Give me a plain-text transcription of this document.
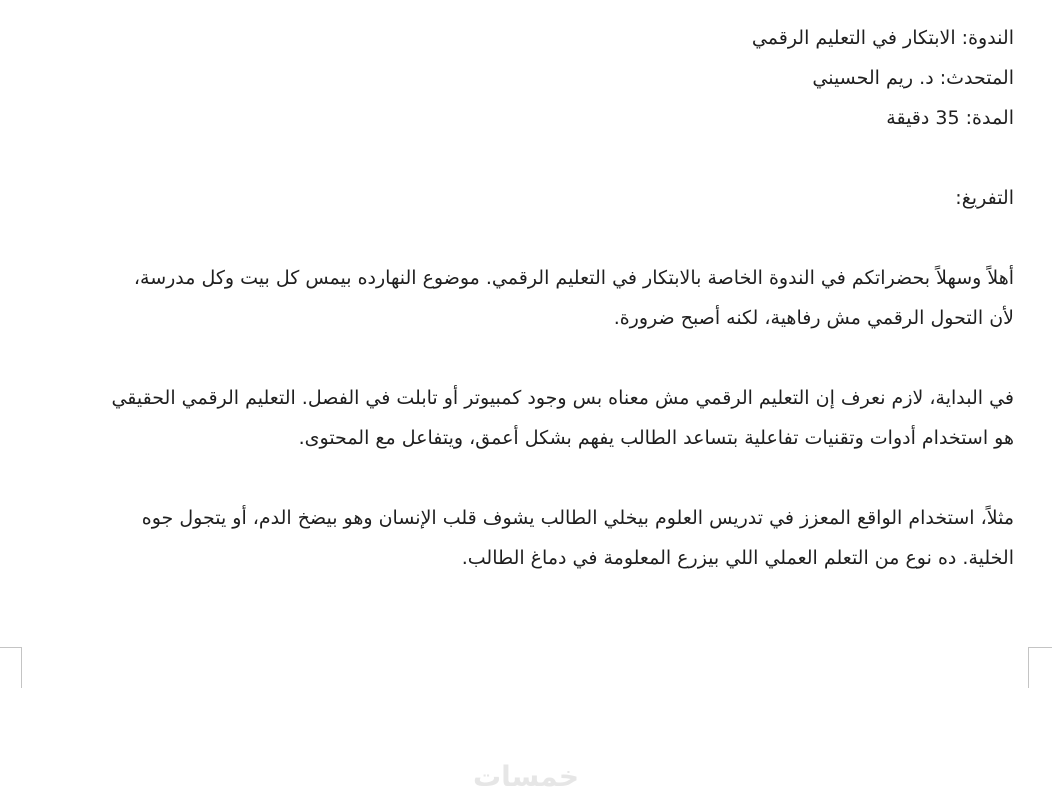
الندوة: الابتكار في التعليم الرقمي
المتحدث: د. ريم الحسيني
المدة: 35 دقيقة
التفريغ:
أهلاً وسهلاً بحضراتكم في الندوة الخاصة بالابتكار في التعليم الرقمي. موضوع النهارده بيمس كل بيت وكل مدرسة،
لأن التحول الرقمي مش رفاهية، لكنه أصبح ضرورة.
في البداية، لازم نعرف إن التعليم الرقمي مش معناه بس وجود كمبيوتر أو تابلت في الفصل. التعليم الرقمي الحقيقي
هو استخدام أدوات وتقنيات تفاعلية بتساعد الطالب يفهم بشكل أعمق، ويتفاعل مع المحتوى.
مثلاً، استخدام الواقع المعزز في تدريس العلوم بيخلي الطالب يشوف قلب الإنسان وهو بيضخ الدم، أو يتجول جوه
الخلية. ده نوع من التعلم العملي اللي بيزرع المعلومة في دماغ الطالب.
خمسات
